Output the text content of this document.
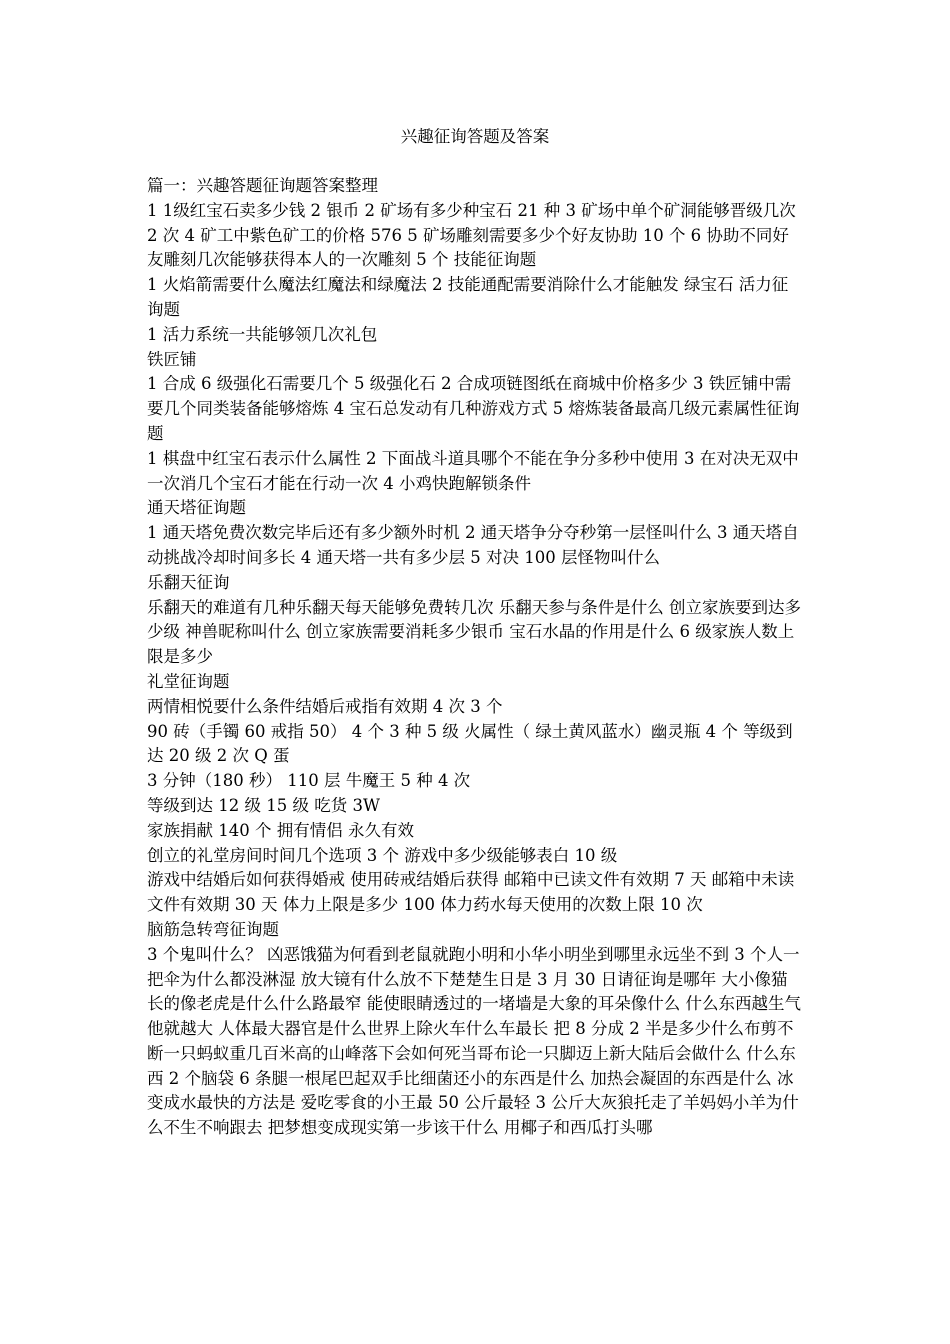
兴趣征询答题及答案

篇一：兴趣答题征询题答案整理

1 1级红宝石卖多少钱 2 银币 2 矿场有多少种宝石 21 种 3 矿场中单个矿洞能够晋级几次 2 次 4 矿工中紫色矿工的价格 576 5 矿场雕刻需要多少个好友协助 10 个 6 协助不同好友雕刻几次能够获得本人的一次雕刻 5 个 技能征询题

1 火焰箭需要什么魔法红魔法和绿魔法 2 技能通配需要消除什么才能触发 绿宝石 活力征询题

1 活力系统一共能够领几次礼包

铁匠铺

1 合成 6 级强化石需要几个 5 级强化石 2 合成项链图纸在商城中价格多少 3 铁匠铺中需要几个同类装备能够熔炼 4 宝石总发动有几种游戏方式 5 熔炼装备最高几级元素属性征询题

1 棋盘中红宝石表示什么属性 2 下面战斗道具哪个不能在争分多秒中使用 3 在对决无双中一次消几个宝石才能在行动一次 4 小鸡快跑解锁条件

通天塔征询题

1 通天塔免费次数完毕后还有多少额外时机 2 通天塔争分夺秒第一层怪叫什么 3 通天塔自动挑战冷却时间多长 4 通天塔一共有多少层 5 对决 100 层怪物叫什么

乐翻天征询

乐翻天的难道有几种乐翻天每天能够免费转几次 乐翻天参与条件是什么 创立家族要到达多少级 神兽昵称叫什么 创立家族需要消耗多少银币 宝石水晶的作用是什么 6 级家族人数上限是多少

礼堂征询题

两情相悦要什么条件结婚后戒指有效期 4 次 3 个

90 砖（手镯 60 戒指 50） 4 个 3 种 5 级 火属性（ 绿土黄风蓝水）幽灵瓶 4 个 等级到达 20 级 2 次 Q 蛋

3 分钟（180 秒） 110 层 牛魔王 5 种 4 次

等级到达 12 级 15 级 吃货 3W

家族捐献 140 个 拥有情侣 永久有效

创立的礼堂房间时间几个选项 3 个 游戏中多少级能够表白 10 级

游戏中结婚后如何获得婚戒 使用砖戒结婚后获得 邮箱中已读文件有效期 7 天 邮箱中未读文件有效期 30 天 体力上限是多少 100 体力药水每天使用的次数上限 10 次

脑筋急转弯征询题

3 个鬼叫什么？ 凶恶饿猫为何看到老鼠就跑小明和小华小明坐到哪里永远坐不到 3 个人一把伞为什么都没淋湿 放大镜有什么放不下楚楚生日是 3 月 30 日请征询是哪年 大小像猫长的像老虎是什么什么路最窄 能使眼睛透过的一堵墙是大象的耳朵像什么 什么东西越生气他就越大 人体最大器官是什么世界上除火车什么车最长 把 8 分成 2 半是多少什么布剪不断一只蚂蚁重几百米高的山峰落下会如何死当哥布论一只脚迈上新大陆后会做什么 什么东西 2 个脑袋 6 条腿一根尾巴起双手比细菌还小的东西是什么 加热会凝固的东西是什么 冰变成水最快的方法是 爱吃零食的小王最 50 公斤最轻 3 公斤大灰狼托走了羊妈妈小羊为什么不生不响跟去 把梦想变成现实第一步该干什么 用椰子和西瓜打头哪
